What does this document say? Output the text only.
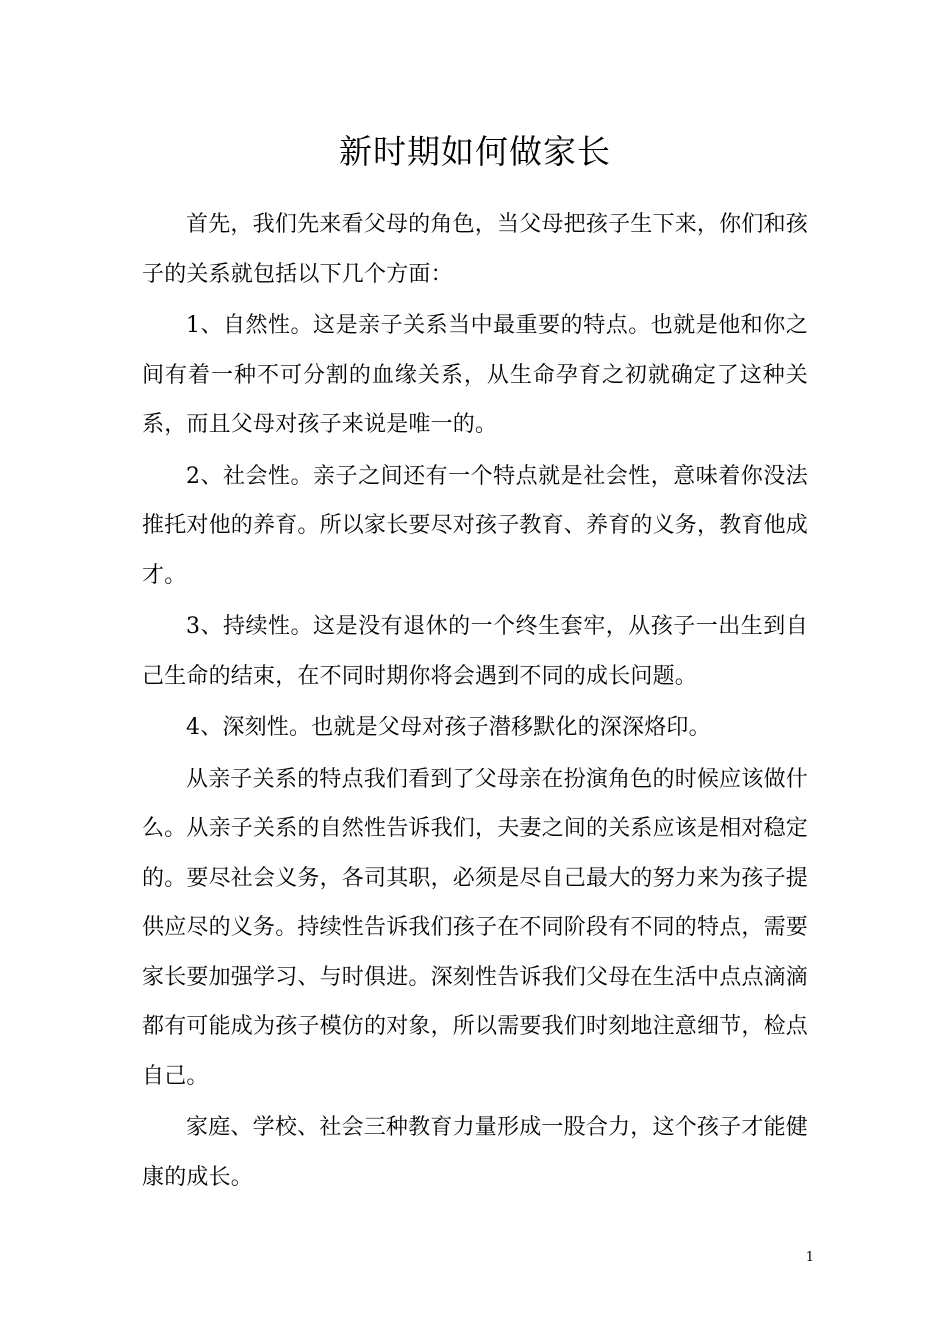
新时期如何做家长

首先，我们先来看父母的角色，当父母把孩子生下来，你们和孩子的关系就包括以下几个方面：

1、自然性。这是亲子关系当中最重要的特点。也就是他和你之间有着一种不可分割的血缘关系，从生命孕育之初就确定了这种关系，而且父母对孩子来说是唯一的。

2、社会性。亲子之间还有一个特点就是社会性，意味着你没法推托对他的养育。所以家长要尽对孩子教育、养育的义务，教育他成才。

3、持续性。这是没有退休的一个终生套牢，从孩子一出生到自己生命的结束，在不同时期你将会遇到不同的成长问题。

4、深刻性。也就是父母对孩子潜移默化的深深烙印。

从亲子关系的特点我们看到了父母亲在扮演角色的时候应该做什么。从亲子关系的自然性告诉我们，夫妻之间的关系应该是相对稳定的。要尽社会义务，各司其职，必须是尽自己最大的努力来为孩子提供应尽的义务。持续性告诉我们孩子在不同阶段有不同的特点，需要家长要加强学习、与时俱进。深刻性告诉我们父母在生活中点点滴滴都有可能成为孩子模仿的对象，所以需要我们时刻地注意细节，检点自己。

家庭、学校、社会三种教育力量形成一股合力，这个孩子才能健康的成长。

1
